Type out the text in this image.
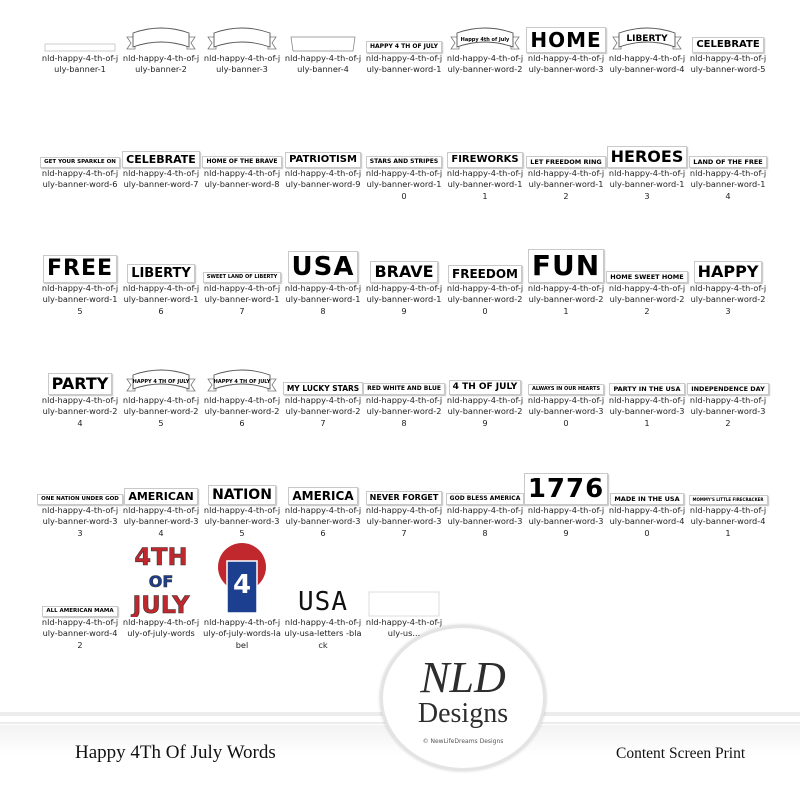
nld-happy-4-th-of-july-banner-1
nld-happy-4-th-of-july-banner-2
nld-happy-4-th-of-july-banner-3
nld-happy-4-th-of-july-banner-4
HAPPY 4 TH OF JULY
nld-happy-4-th-of-july-banner-word-1
Happy 4th of July
nld-happy-4-th-of-july-banner-word-2
HOME
nld-happy-4-th-of-july-banner-word-3
LIBERTY
nld-happy-4-th-of-july-banner-word-4
CELEBRATE
nld-happy-4-th-of-july-banner-word-5
GET YOUR SPARKLE ON
nld-happy-4-th-of-july-banner-word-6
CELEBRATE
nld-happy-4-th-of-july-banner-word-7
HOME OF THE BRAVE
nld-happy-4-th-of-july-banner-word-8
PATRIOTISM
nld-happy-4-th-of-july-banner-word-9
STARS AND STRIPES
nld-happy-4-th-of-july-banner-word-10
FIREWORKS
nld-happy-4-th-of-july-banner-word-11
LET FREEDOM RING
nld-happy-4-th-of-july-banner-word-12
HEROES
nld-happy-4-th-of-july-banner-word-13
LAND OF THE FREE
nld-happy-4-th-of-july-banner-word-14
FREE
nld-happy-4-th-of-july-banner-word-15
LIBERTY
nld-happy-4-th-of-july-banner-word-16
SWEET LAND OF LIBERTY
nld-happy-4-th-of-july-banner-word-17
USA
nld-happy-4-th-of-july-banner-word-18
BRAVE
nld-happy-4-th-of-july-banner-word-19
FREEDOM
nld-happy-4-th-of-july-banner-word-20
FUN
nld-happy-4-th-of-july-banner-word-21
HOME SWEET HOME
nld-happy-4-th-of-july-banner-word-22
HAPPY
nld-happy-4-th-of-july-banner-word-23
PARTY
nld-happy-4-th-of-july-banner-word-24
HAPPY 4 TH OF JULY
nld-happy-4-th-of-july-banner-word-25
HAPPY 4 TH OF JULY
nld-happy-4-th-of-july-banner-word-26
MY LUCKY STARS
nld-happy-4-th-of-july-banner-word-27
RED WHITE AND BLUE
nld-happy-4-th-of-july-banner-word-28
4 TH OF JULY
nld-happy-4-th-of-july-banner-word-29
ALWAYS IN OUR HEARTS
nld-happy-4-th-of-july-banner-word-30
PARTY IN THE USA
nld-happy-4-th-of-july-banner-word-31
INDEPENDENCE DAY
nld-happy-4-th-of-july-banner-word-32
ONE NATION UNDER GOD
nld-happy-4-th-of-july-banner-word-33
AMERICAN
nld-happy-4-th-of-july-banner-word-34
NATION
nld-happy-4-th-of-july-banner-word-35
AMERICA
nld-happy-4-th-of-july-banner-word-36
NEVER FORGET
nld-happy-4-th-of-july-banner-word-37
GOD BLESS AMERICA
nld-happy-4-th-of-july-banner-word-38
1776
nld-happy-4-th-of-july-banner-word-39
MADE IN THE USA
nld-happy-4-th-of-july-banner-word-40
MOMMY'S LITTLE FIRECRACKER
nld-happy-4-th-of-july-banner-word-41
ALL AMERICAN MAMA
nld-happy-4-th-of-july-banner-word-42
4TH
OF
JULY
nld-happy-4-th-of-july-of-july-words
4
nld-happy-4-th-of-july-of-july-words-label
USA
nld-happy-4-th-of-july-usa-letters -black
nld-happy-4-th-of-july-us...
Happy 4Th Of July Words	Content Screen Print
NLD
Designs
© NewLifeDreams Designs
